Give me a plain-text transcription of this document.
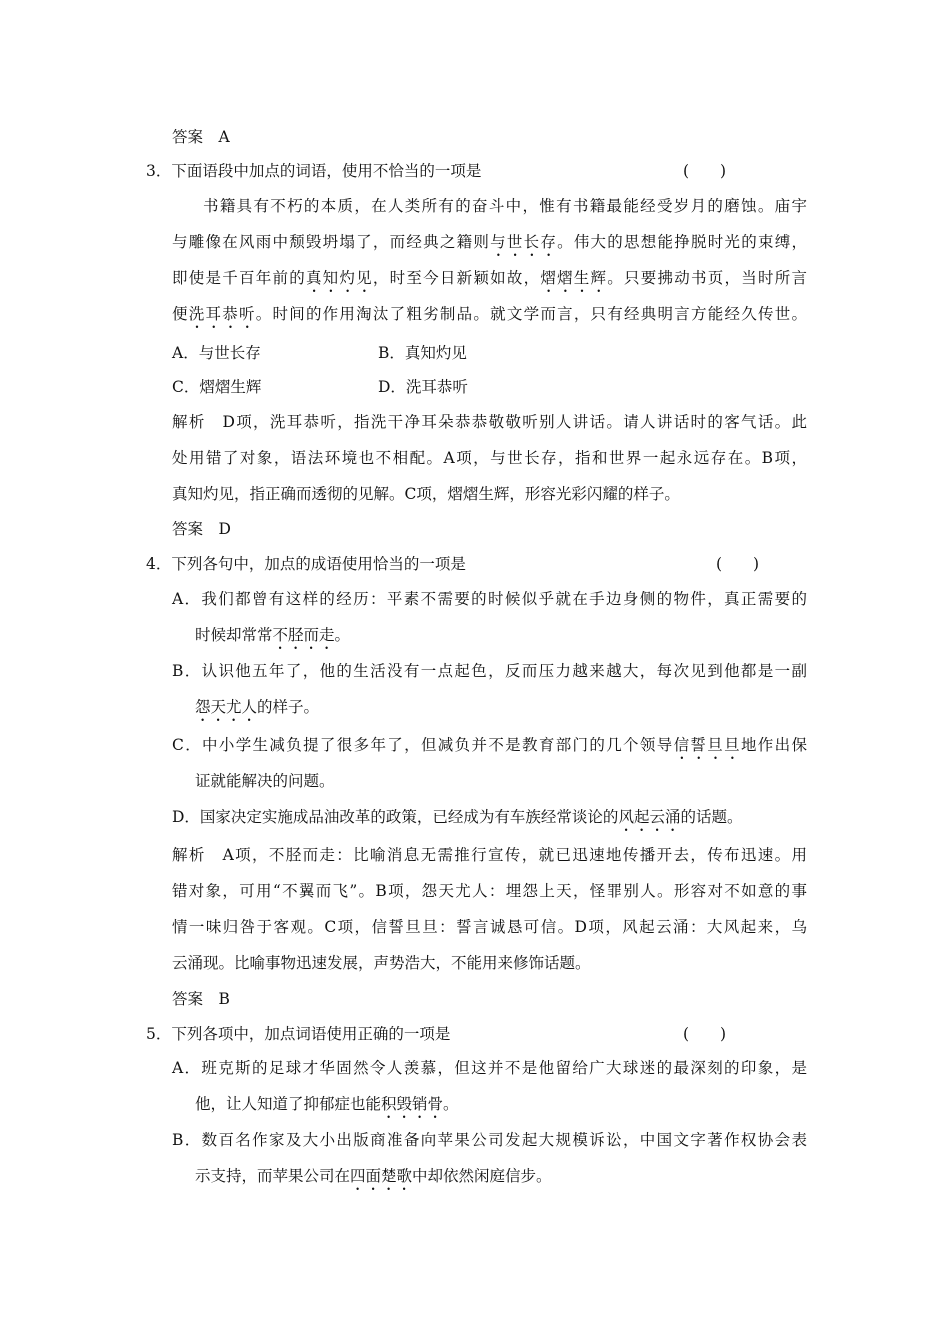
答案　A
3．下面语段中加点的词语，使用不恰当的一项是	(　　)
书籍具有不朽的本质，在人类所有的奋斗中，惟有书籍最能经受岁月的磨蚀。庙宇
与雕像在风雨中颓毁坍塌了，而经典之籍则与世长存。伟大的思想能挣脱时光的束缚，
即使是千百年前的真知灼见，时至今日新颖如故，熠熠生辉。只要拂动书页，当时所言
便洗耳恭听。时间的作用淘汰了粗劣制品。就文学而言，只有经典明言方能经久传世。
A．与世长存	B．真知灼见
C．熠熠生辉	D．洗耳恭听
解析　D项，洗耳恭听，指洗干净耳朵恭恭敬敬听别人讲话。请人讲话时的客气话。此
处用错了对象，语法环境也不相配。A项，与世长存，指和世界一起永远存在。B项，
真知灼见，指正确而透彻的见解。C项，熠熠生辉，形容光彩闪耀的样子。
答案　D
4．下列各句中，加点的成语使用恰当的一项是	(　　)
A．我们都曾有这样的经历：平素不需要的时候似乎就在手边身侧的物件，真正需要的
时候却常常不胫而走。
B．认识他五年了，他的生活没有一点起色，反而压力越来越大，每次见到他都是一副
怨天尤人的样子。
C．中小学生减负提了很多年了，但减负并不是教育部门的几个领导信誓旦旦地作出保
证就能解决的问题。
D．国家决定实施成品油改革的政策，已经成为有车族经常谈论的风起云涌的话题。
解析　A项，不胫而走：比喻消息无需推行宣传，就已迅速地传播开去，传布迅速。用
错对象，可用“不翼而飞”。B项，怨天尤人：埋怨上天，怪罪别人。形容对不如意的事
情一味归咎于客观。C项，信誓旦旦：誓言诚恳可信。D项，风起云涌：大风起来，乌
云涌现。比喻事物迅速发展，声势浩大，不能用来修饰话题。
答案　B
5．下列各项中，加点词语使用正确的一项是	(　　)
A．班克斯的足球才华固然令人羡慕，但这并不是他留给广大球迷的最深刻的印象，是
他，让人知道了抑郁症也能积毁销骨。
B．数百名作家及大小出版商准备向苹果公司发起大规模诉讼，中国文字著作权协会表
示支持，而苹果公司在四面楚歌中却依然闲庭信步。
